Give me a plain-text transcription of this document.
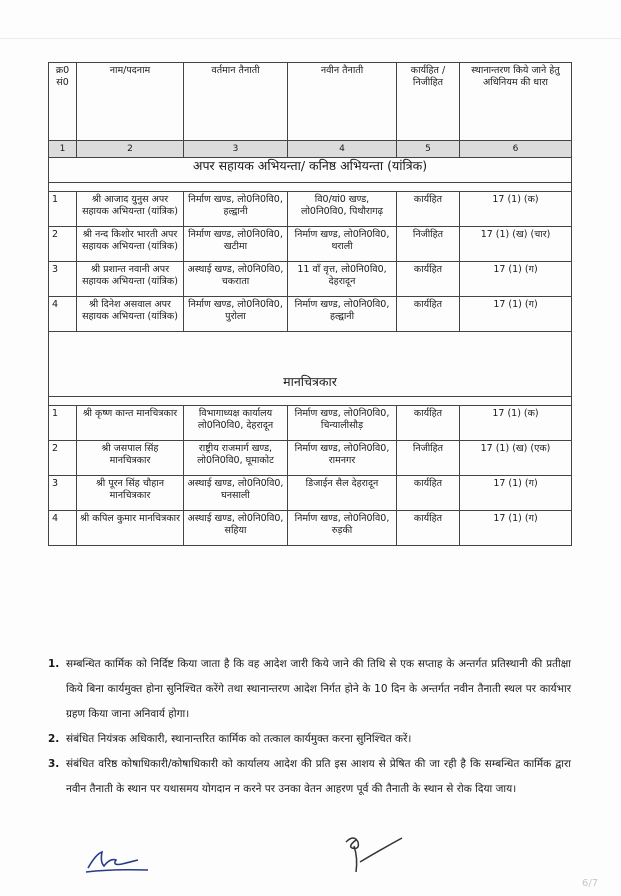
क्र0 सं0	नाम/पदनाम	वर्तमान तैनाती	नवीन तैनाती	कार्यहित / निजीहित	स्थानान्तरण किये जाने हेतु अधिनियम की धारा
1	2	3	4	5	6
अपर सहायक अभियन्ता/ कनिष्ठ अभियन्ता (यांत्रिक)					

1	श्री आजाद युनुस अपर सहायक अभियन्ता (यांत्रिक)	निर्माण खण्ड, लो0नि0वि0, हल्द्वानी	वि0/यां0 खण्ड, लो0नि0वि0, पिथौरागढ़	कार्यहित	17 (1) (क)
2	श्री नन्द किशोर भारती अपर सहायक अभियन्ता (यांत्रिक)	निर्माण खण्ड, लो0नि0वि0, खटीमा	निर्माण खण्ड, लो0नि0वि0, थराली	निजीहित	17 (1) (ख) (चार)
3	श्री प्रशान्त नवानी अपर सहायक अभियन्ता (यांत्रिक)	अस्थाई खण्ड, लो0नि0वि0, चकराता	11 वाँ वृत्त, लो0नि0वि0, देहरादून	कार्यहित	17 (1) (ग)
4	श्री दिनेश असवाल अपर सहायक अभियन्ता (यांत्रिक)	निर्माण खण्ड, लो0नि0वि0, पुरोला	निर्माण खण्ड, लो0नि0वि0, हल्द्वानी	कार्यहित	17 (1) (ग)
मानचित्रकार					

1	श्री कृष्ण कान्त मानचित्रकार	विभागाध्यक्ष कार्यालय लो0नि0वि0, देहरादून	निर्माण खण्ड, लो0नि0वि0, चिन्यालीसौड़	कार्यहित	17 (1) (क)
2	श्री जसपाल सिंह मानचित्रकार	राष्ट्रीय राजमार्ग खण्ड, लो0नि0वि0, घूमाकोट	निर्माण खण्ड, लो0नि0वि0, रामनगर	निजीहित	17 (1) (ख) (एक)
3	श्री पूरन सिंह चौहान मानचित्रकार	अस्थाई खण्ड, लो0नि0वि0, घनसाली	डिजाईन सैल देहरादून	कार्यहित	17 (1) (ग)
4	श्री कपिल कुमार मानचित्रकार	अस्थाई खण्ड, लो0नि0वि0, सहिया	निर्माण खण्ड, लो0नि0वि0, रुड़की	कार्यहित	17 (1) (ग)
1. सम्बन्धित कार्मिक को निर्दिष्ट किया जाता है कि वह आदेश जारी किये जाने की तिथि से एक सप्ताह के अन्तर्गत प्रतिस्थानी की प्रतीक्षा किये बिना कार्यमुक्त होना सुनिश्चित करेंगे तथा स्थानान्तरण आदेश निर्गत होने के 10 दिन के अन्तर्गत नवीन तैनाती स्थल पर कार्यभार ग्रहण किया जाना अनिवार्य होगा।
2. संबंधित नियंत्रक अधिकारी, स्थानान्तरित कार्मिक को तत्काल कार्यमुक्त करना सुनिश्चित करें।
3. संबंधित वरिष्ठ कोषाधिकारी/कोषाधिकारी को कार्यालय आदेश की प्रति इस आशय से प्रेषित की जा रही है कि सम्बन्धित कार्मिक द्वारा नवीन तैनाती के स्थान पर यथासमय योगदान न करने पर उनका वेतन आहरण पूर्व की तैनाती के स्थान से रोक दिया जाय।
6/7
